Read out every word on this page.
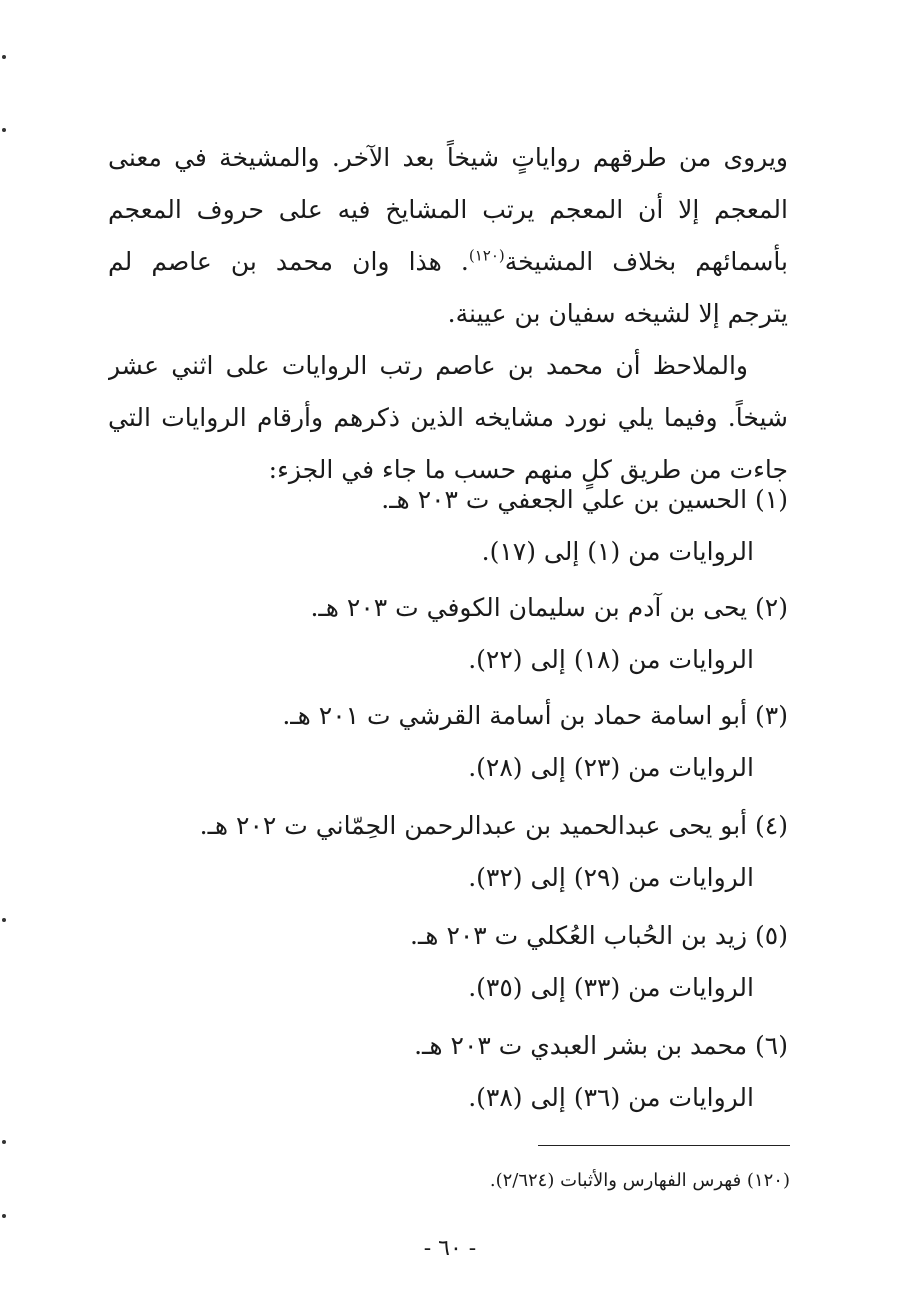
ويروى من طرقهم رواياتٍ شيخاً بعد الآخر. والمشيخة في معنى
المعجم إلا أن المعجم يرتب المشايخ فيه على حروف المعجم
بأسمائهم بخلاف المشيخة$^{(١٢٠)}$. هذا وان محمد بن عاصم لم
يترجم إلا لشيخه سفيان بن عيينة.
والملاحظ أن محمد بن عاصم رتب الروايات على اثني عشر
شيخاً. وفيما يلي نورد مشايخه الذين ذكرهم وأرقام الروايات التي
جاءت من طريق كلٍ منهم حسب ما جاء في الجزء:
(١) الحسين بن علي الجعفي ت ٢٠٣ هـ.
الروايات من (١) إلى (١٧).
(٢) يحى بن آدم بن سليمان الكوفي ت ٢٠٣ هـ.
الروايات من (١٨) إلى (٢٢).
(٣) أبو اسامة حماد بن أسامة القرشي ت ٢٠١ هـ.
الروايات من (٢٣) إلى (٢٨).
(٤) أبو يحى عبدالحميد بن عبدالرحمن الحِمّاني ت ٢٠٢ هـ.
الروايات من (٢٩) إلى (٣٢).
(٥) زيد بن الحُباب العُكلي ت ٢٠٣ هـ.
الروايات من (٣٣) إلى (٣٥).
(٦) محمد بن بشر العبدي ت ٢٠٣ هـ.
الروايات من (٣٦) إلى (٣٨).
(١٢٠) فهرس الفهارس والأثبات (٢/٦٢٤).
- ٦٠ -
